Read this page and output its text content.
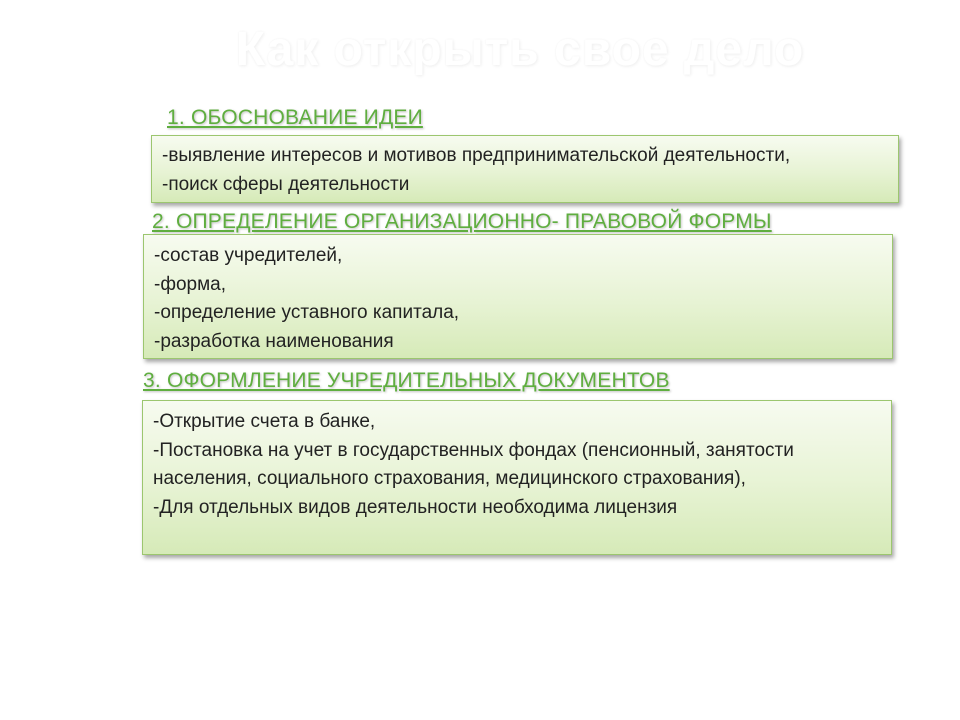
Как открыть свое дело
1. ОБОСНОВАНИЕ ИДЕИ
-выявление интересов и мотивов предпринимательской деятельности,
-поиск сферы деятельности
2. ОПРЕДЕЛЕНИЕ ОРГАНИЗАЦИОННО- ПРАВОВОЙ ФОРМЫ
-состав учредителей,
-форма,
-определение уставного капитала,
-разработка наименования
3. ОФОРМЛЕНИЕ УЧРЕДИТЕЛЬНЫХ ДОКУМЕНТОВ
-Открытие счета в банке,
-Постановка на учет в государственных фондах (пенсионный, занятости населения, социального страхования, медицинского страхования),
-Для отдельных видов деятельности необходима лицензия
